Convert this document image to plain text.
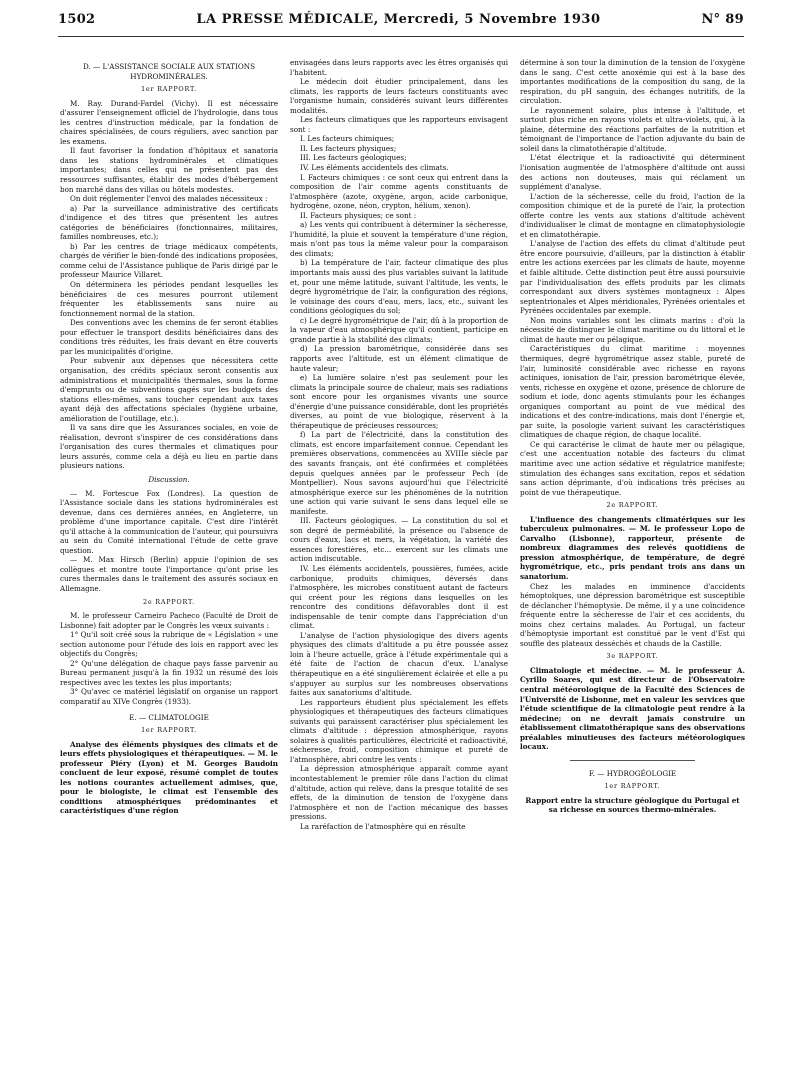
1502	LA PRESSE MÉDICALE, Mercredi, 5 Novembre 1930	N° 89

D. — L'ASSISTANCE SOCIALE AUX STATIONS HYDROMINÉRALES.

1er RAPPORT.

M. Ray. Durand-Fardel (Vichy). Il est nécessaire d'assurer l'enseignement officiel de l'hydrologie, dans tous les centres d'instruction médicale, par la fondation de chaires spécialisées, de cours réguliers, avec sanction par les examens.

Il faut favoriser la fondation d'hôpitaux et sanatoria dans les stations hydrominérales et climatiques importantes; dans celles qui ne présentent pas des ressources suffisantes, établir des modes d'hébergement bon marché dans des villas ou hôtels modestes.

On doit réglementer l'envoi des malades nécessiteux :

a) Par la surveillance administrative des certificats d'indigence et des titres que présentent les autres catégories de bénéficiaires (fonctionnaires, militaires, familles nombreuses, etc.);

b) Par les centres de triage médicaux compétents, chargés de vérifier le bien-fondé des indications proposées, comme celui de l'Assistance publique de Paris dirigé par le professeur Maurice Villaret.

On déterminera les périodes pendant lesquelles les bénéficiaires de ces mesures pourront utilement fréquenter les établissements sans nuire au fonctionnement normal de la station.

Des conventions avec les chemins de fer seront établies pour effectuer le transport desdits bénéficiaires dans des conditions très réduites, les frais devant en être couverts par les municipalités d'origine.

Pour subvenir aux dépenses que nécessitera cette organisation, des crédits spéciaux seront consentis aux administrations et municipalités thermales, sous la forme d'emprunts ou de subventions gagés sur les budgets des stations elles-mêmes, sans toucher cependant aux taxes ayant déjà des affectations spéciales (hygiène urbaine, amélioration de l'outillage, etc.).

Il va sans dire que les Assurances sociales, en voie de réalisation, devront s'inspirer de ces considérations dans l'organisation des cures thermales et climatiques pour leurs assurés, comme cela a déjà eu lieu en partie dans plusieurs nations.

Discussion.

— M. Fortescue Fox (Londres). La question de l'Assistance sociale dans les stations hydrominérales est devenue, dans ces dernières années, en Angleterre, un problème d'une importance capitale. C'est dire l'intérêt qu'il attache à la communication de l'auteur, qui poursuivra au sein du Comité international l'étude de cette grave question.

— M. Max Hirsch (Berlin) appuie l'opinion de ses collègues et montre toute l'importance qu'ont prise les cures thermales dans le traitement des assurés sociaux en Allemagne.

2e RAPPORT.

M. le professeur Carneiro Pacheco (Faculté de Droit de Lisbonne) fait adopter par le Congrès les vœux suivants :

1° Qu'il soit créé sous la rubrique de « Législation » une section autonome pour l'étude des lois en rapport avec les objectifs du Congrès;

2° Qu'une délégation de chaque pays fasse parvenir au Bureau permanent jusqu'à la fin 1932 un résumé des lois respectives avec les textes les plus importants;

3° Qu'avec ce matériel législatif on organise un rapport comparatif au XIVe Congrès (1933).

E. — CLIMATOLOGIE

1er RAPPORT.

Analyse des éléments physiques des climats et de leurs effets physiologiques et thérapeutiques. — M. le professeur Piéry (Lyon) et M. Georges Baudoin concluent de leur exposé, résumé complet de toutes les notions courantes actuellement admises, que, pour le biologiste, le climat est l'ensemble des conditions atmosphériques prédominantes et caractéristiques d'une région

envisagées dans leurs rapports avec les êtres organisés qui l'habitent.

Le médecin doit étudier principalement, dans les climats, les rapports de leurs facteurs constituants avec l'organisme humain, considérés suivant leurs différentes modalités.

Les facteurs climatiques que les rapporteurs envisagent sont :

I. Les facteurs chimiques;

II. Les facteurs physiques;

III. Les facteurs géologiques;

IV. Les éléments accidentels des climats.

I. Facteurs chimiques : ce sont ceux qui entrent dans la composition de l'air comme agents constituants de l'atmosphère (azote, oxygène, argon, acide carbonique, hydrogène, ozone, néon, crypton, hélium, xenon).

II. Facteurs physiques; ce sont :

a) Les vents qui contribuent à déterminer la sécheresse, l'humidité, la pluie et souvent la température d'une région, mais n'ont pas tous la même valeur pour la comparaison des climats;

b) La température de l'air, facteur climatique des plus importants mais aussi des plus variables suivant la latitude et, pour une même latitude, suivant l'altitude, les vents, le degré hygrométrique de l'air, la configuration des régions, le voisinage des cours d'eau, mers, lacs, etc., suivant les conditions géologiques du sol;

c) Le degré hygrométrique de l'air, dû à la proportion de la vapeur d'eau atmosphérique qu'il contient, participe en grande partie à la stabilité des climats;

d) La pression barométrique, considérée dans ses rapports avec l'altitude, est un élément climatique de haute valeur;

e) La lumière solaire n'est pas seulement pour les climats la principale source de chaleur, mais ses radiations sont encore pour les organismes vivants une source d'énergie d'une puissance considérable, dont les propriétés diverses, au point de vue biologique, réservent à la thérapeutique de précieuses ressources;

f) La part de l'électricité, dans la constitution des climats, est encore imparfaitement connue. Cependant les premières observations, commencées au XVIIIe siècle par des savants français, ont été confirmées et complétées depuis quelques années par le professeur Pech (de Montpellier). Nous savons aujourd'hui que l'électricité atmosphérique exerce sur les phénomènes de la nutrition une action qui varie suivant le sens dans lequel elle se manifeste.

III. Facteurs géologiques. — La constitution du sol et son degré de perméabilité, la présence ou l'absence de cours d'eaux, lacs et mers, la végétation, la variété des essences forestières, etc... exercent sur les climats une action indiscutable.

IV. Les éléments accidentels, poussières, fumées, acide carbonique, produits chimiques, déversés dans l'atmosphère, les microbes constituent autant de facteurs qui créent pour les régions dans lesquelles on les rencontre des conditions défavorables dont il est indispensable de tenir compte dans l'appréciation d'un climat.

L'analyse de l'action physiologique des divers agents physiques des climats d'altitude a pu être poussée assez loin à l'heure actuelle, grâce à l'étude expérimentale qui a été faite de l'action de chacun d'eux. L'analyse thérapeutique en a été singulièrement éclairée et elle a pu s'appuyer au surplus sur les nombreuses observations faites aux sanatoriums d'altitude.

Les rapporteurs étudient plus spécialement les effets physiologiques et thérapeutiques des facteurs climatiques suivants qui paraissent caractériser plus spécialement les climats d'altitude : dépression atmosphérique, rayons solaires à qualités particulières, électricité et radioactivité, sécheresse, froid, composition chimique et pureté de l'atmosphère, abri contre les vents :

La dépression atmosphérique apparaît comme ayant incontestablement le premier rôle dans l'action du climat d'altitude, action qui relève, dans la presque totalité de ses effets, de la diminution de tension de l'oxygène dans l'atmosphère et non de l'action mécanique des basses pressions.

La raréfaction de l'atmosphère qui en résulte

détermine à son tour la diminution de la tension de l'oxygène dans le sang. C'est cette anoxémie qui est à la base des importantes modifications de la composition du sang, de la respiration, du pH sanguin, des échanges nutritifs, de la circulation.

Le rayonnement solaire, plus intense à l'altitude, et surtout plus riche en rayons violets et ultra-violets, qui, à la plaine, détermine des réactions parfaites de la nutrition et témoignant de l'importance de l'action adjuvante du bain de soleil dans la climatothérapie d'altitude.

L'état électrique et la radioactivité qui déterminent l'ionisation augmentée de l'atmosphère d'altitude ont aussi des actions non douteuses, mais qui réclament un supplément d'analyse.

L'action de la sécheresse, celle du froid, l'action de la composition chimique et de la pureté de l'air, la protection offerte contre les vents aux stations d'altitude achèvent d'individualiser le climat de montagne en climatophysiologie et en climatothérapie.

L'analyse de l'action des effets du climat d'altitude peut être encore poursuivie, d'ailleurs, par la distinction à établir entre les actions exercées par les climats de haute, moyenne et faible altitude. Cette distinction peut être aussi poursuivie par l'individualisation des effets produits par les climats correspondant aux divers systèmes montagneux : Alpes septentrionales et Alpes méridionales, Pyrénées orientales et Pyrénées occidentales par exemple.

Non moins variables sont les climats marins : d'où la nécessité de distinguer le climat maritime ou du littoral et le climat de haute mer ou pélagique.

Caractéristiques du climat maritime : moyennes thermiques, degré hygrométrique assez stable, pureté de l'air, luminosité considérable avec richesse en rayons actiniques, ionisation de l'air, pression barométrique élevée, vents, richesse en oxygène et ozone, présence de chlorure de sodium et iode, donc agents stimulants pour les échanges organiques comportant au point de vue médical des indications et des contre-indications, mais dont l'énergie et, par suite, la posologie varient suivant les caractéristiques climatiques de chaque région, de chaque localité.

Ce qui caractérise le climat de haute mer ou pélagique, c'est une accentuation notable des facteurs du climat maritime avec une action sédative et régulatrice manifeste; stimulation des échanges sans excitation, repos et sédation sans action déprimante, d'où indications très précises au point de vue thérapeutique.

2e RAPPORT.

L'influence des changements climatériques sur les tuberculeux pulmonaires. — M. le professeur Lopo de Carvalho (Lisbonne), rapporteur, présente de nombreux diagrammes des relevés quotidiens de pression atmosphérique, de température, de degré hygrométrique, etc., pris pendant trois ans dans un sanatorium.

Chez les malades en imminence d'accidents hémoptoïques, une dépression barométrique est susceptible de déclancher l'hémoptysie. De même, il y a une coïncidence fréquente entre la sécheresse de l'air et ces accidents, du moins chez certains malades. Au Portugal, un facteur d'hémoptysie important est constitué par le vent d'Est qui souffle des plateaux desséchés et chauds de la Castille.

3e RAPPORT.

Climatologie et médecine. — M. le professeur A. Cyrillo Soares, qui est directeur de l'Observatoire central météorologique de la Faculté des Sciences de l'Université de Lisbonne, met en valeur les services que l'étude scientifique de la climatologie peut rendre à la médecine; on ne devrait jamais construire un établissement climatothérapique sans des observations préalables minutieuses des facteurs météorologiques locaux.

F. — HYDROGÉOLOGIE

1er RAPPORT.

Rapport entre la structure géologique du Portugal et sa richesse en sources thermo-minérales.
